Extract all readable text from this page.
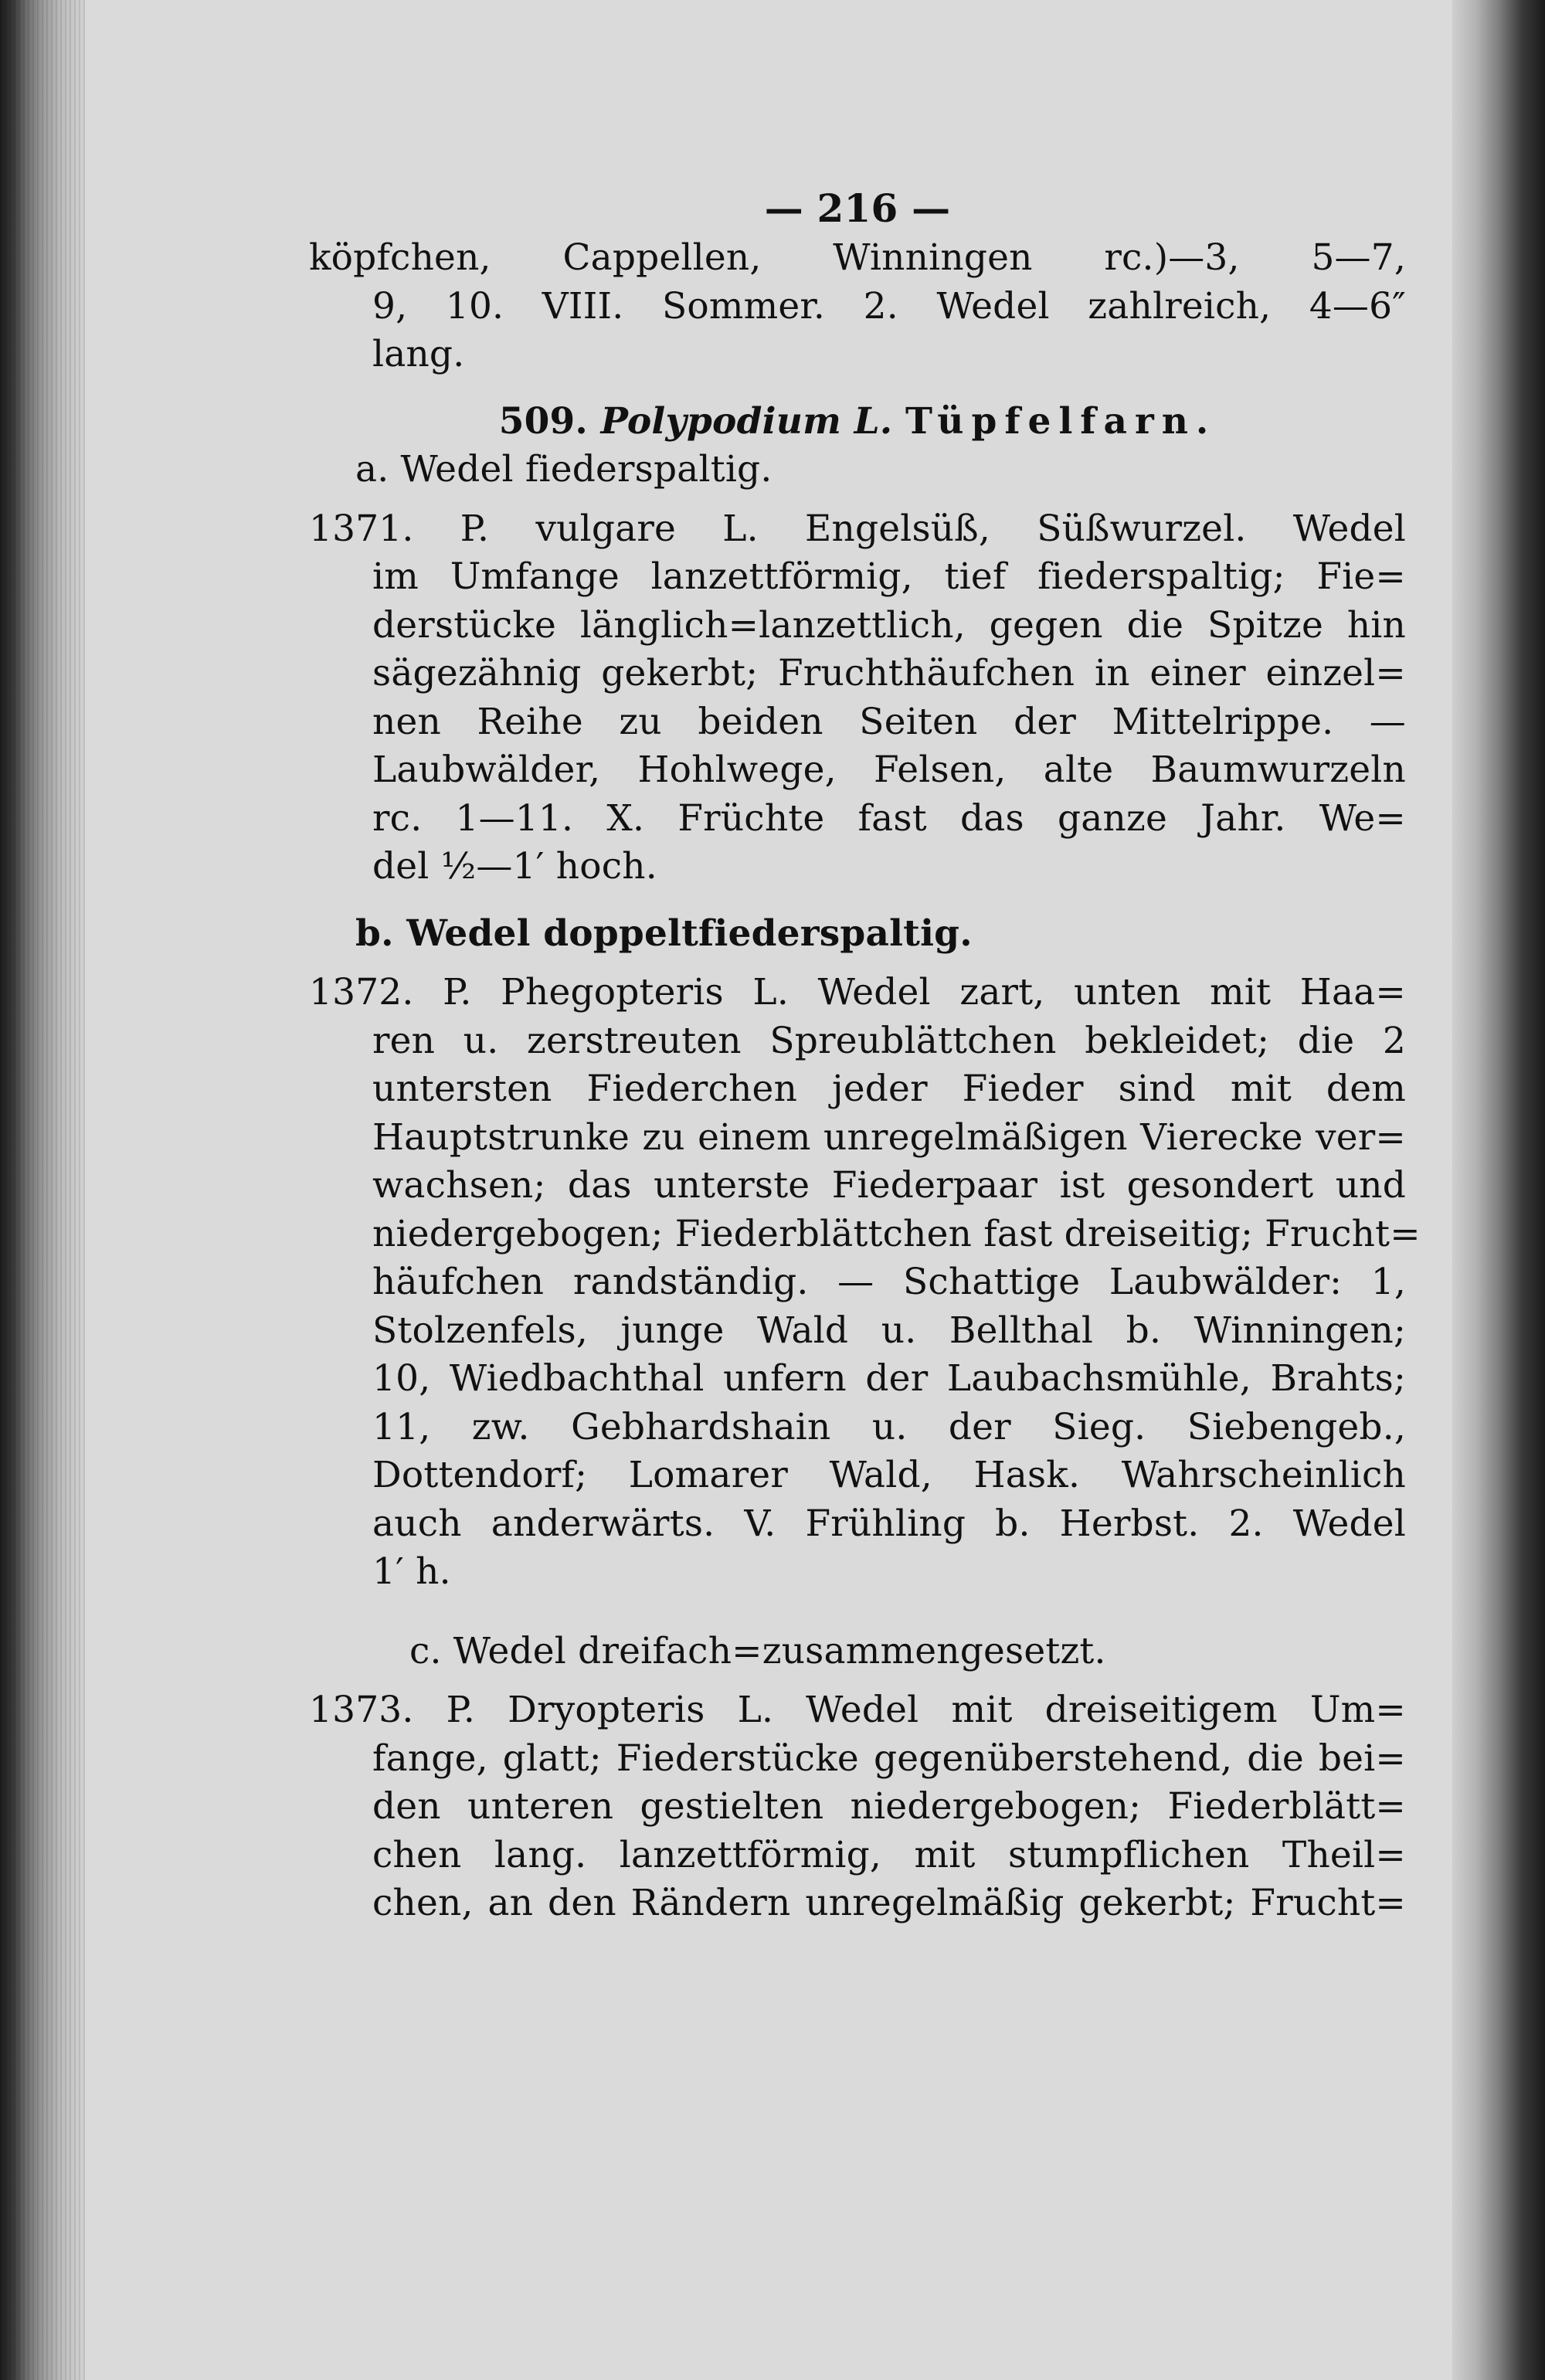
— 216 —
köpfchen, Cappellen, Winningen rc.)—3, 5—7,
9, 10. VIII. Sommer. 2. Wedel zahlreich, 4—6″
lang.
509. Polypodium L. Tüpfelfarn.
a. Wedel fiederspaltig.
1371. P. vulgare L. Engelsüß, Süßwurzel. Wedel
im Umfange lanzettförmig, tief fiederspaltig; Fie=
derstücke länglich=lanzettlich, gegen die Spitze hin
sägezähnig gekerbt; Fruchthäufchen in einer einzel=
nen Reihe zu beiden Seiten der Mittelrippe. —
Laubwälder, Hohlwege, Felsen, alte Baumwurzeln
rc. 1—11. X. Früchte fast das ganze Jahr. We=
del ½—1′ hoch.
b. Wedel doppeltfiederspaltig.
1372. P. Phegopteris L. Wedel zart, unten mit Haa=
ren u. zerstreuten Spreublättchen bekleidet; die 2
untersten Fiederchen jeder Fieder sind mit dem
Hauptstrunke zu einem unregelmäßigen Vierecke ver=
wachsen; das unterste Fiederpaar ist gesondert und
niedergebogen; Fiederblättchen fast dreiseitig; Frucht=
häufchen randständig. — Schattige Laubwälder: 1,
Stolzenfels, junge Wald u. Bellthal b. Winningen;
10, Wiedbachthal unfern der Laubachsmühle, Brahts;
11, zw. Gebhardshain u. der Sieg. Siebengeb.,
Dottendorf; Lomarer Wald, Hask. Wahrscheinlich
auch anderwärts. V. Frühling b. Herbst. 2. Wedel
1′ h.
c. Wedel dreifach=zusammengesetzt.
1373. P. Dryopteris L. Wedel mit dreiseitigem Um=
fange, glatt; Fiederstücke gegenüberstehend, die bei=
den unteren gestielten niedergebogen; Fiederblätt=
chen lang. lanzettförmig, mit stumpflichen Theil=
chen, an den Rändern unregelmäßig gekerbt; Frucht=
